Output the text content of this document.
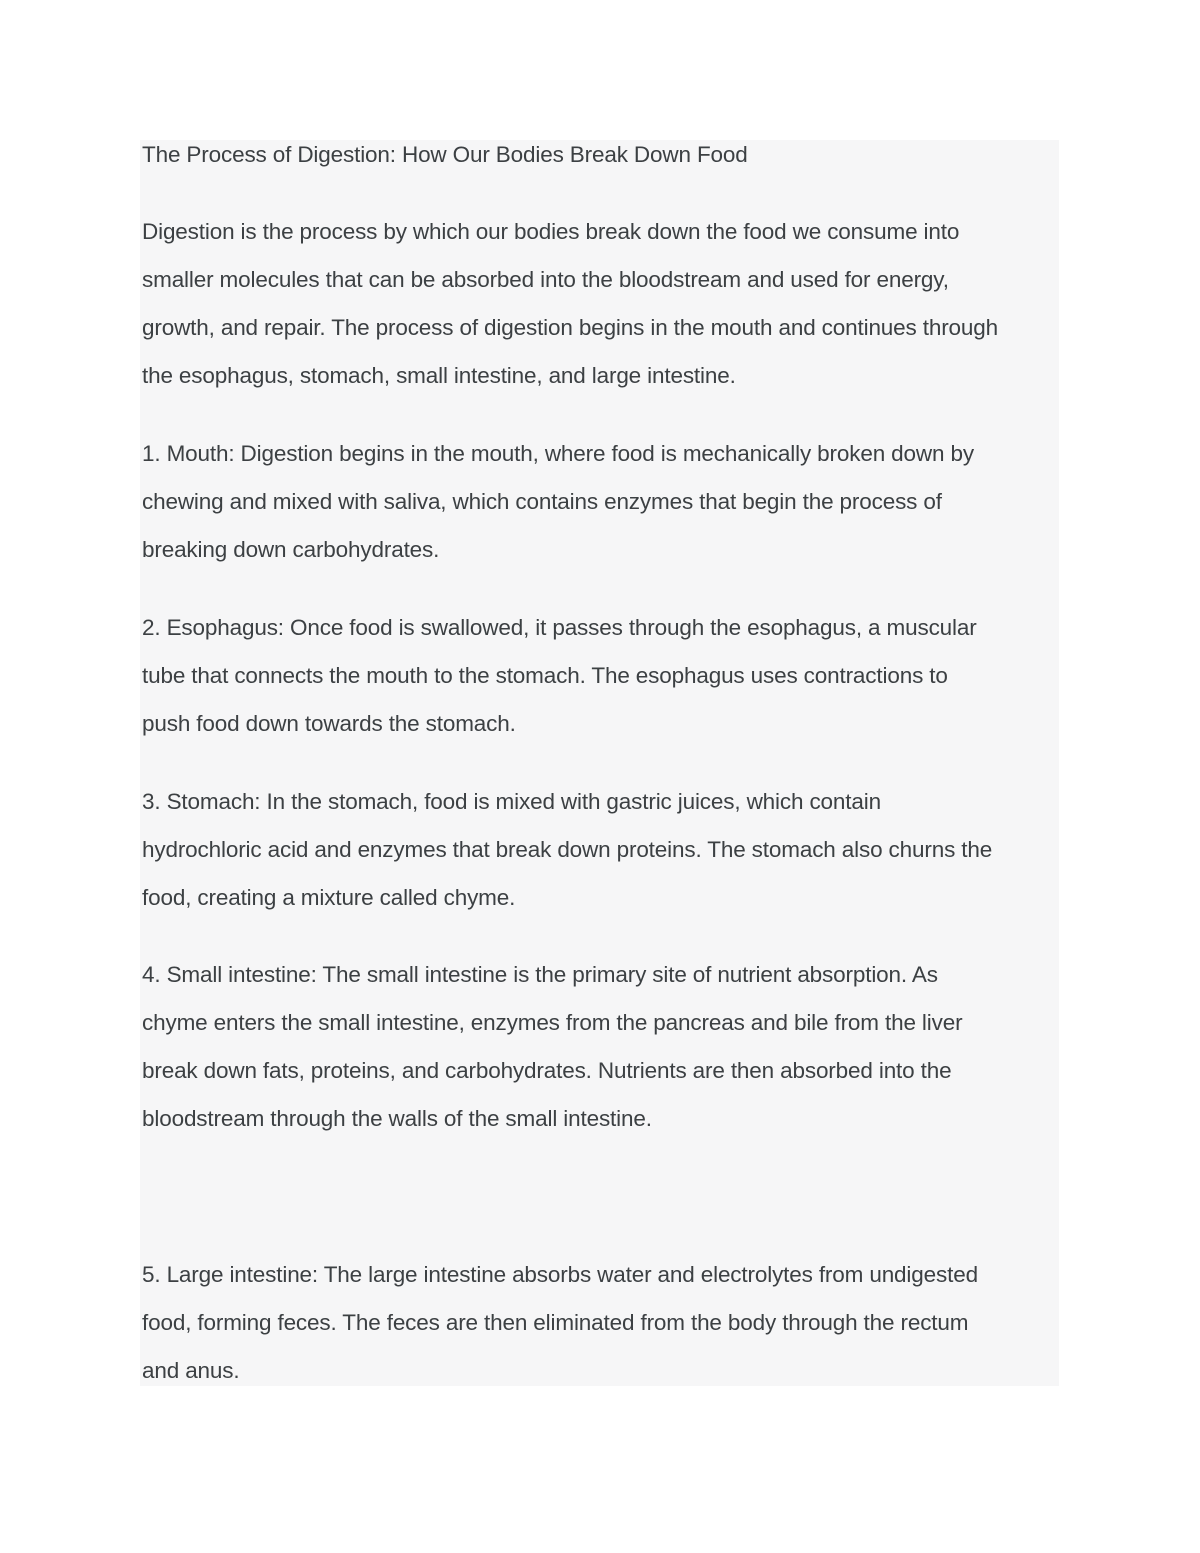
The Process of Digestion: How Our Bodies Break Down Food
Digestion is the process by which our bodies break down the food we consume into
smaller molecules that can be absorbed into the bloodstream and used for energy,
growth, and repair. The process of digestion begins in the mouth and continues through
the esophagus, stomach, small intestine, and large intestine.
1. Mouth: Digestion begins in the mouth, where food is mechanically broken down by
chewing and mixed with saliva, which contains enzymes that begin the process of
breaking down carbohydrates.
2. Esophagus: Once food is swallowed, it passes through the esophagus, a muscular
tube that connects the mouth to the stomach. The esophagus uses contractions to
push food down towards the stomach.
3. Stomach: In the stomach, food is mixed with gastric juices, which contain
hydrochloric acid and enzymes that break down proteins. The stomach also churns the
food, creating a mixture called chyme.
4. Small intestine: The small intestine is the primary site of nutrient absorption. As
chyme enters the small intestine, enzymes from the pancreas and bile from the liver
break down fats, proteins, and carbohydrates. Nutrients are then absorbed into the
bloodstream through the walls of the small intestine.
5. Large intestine: The large intestine absorbs water and electrolytes from undigested
food, forming feces. The feces are then eliminated from the body through the rectum
and anus.
